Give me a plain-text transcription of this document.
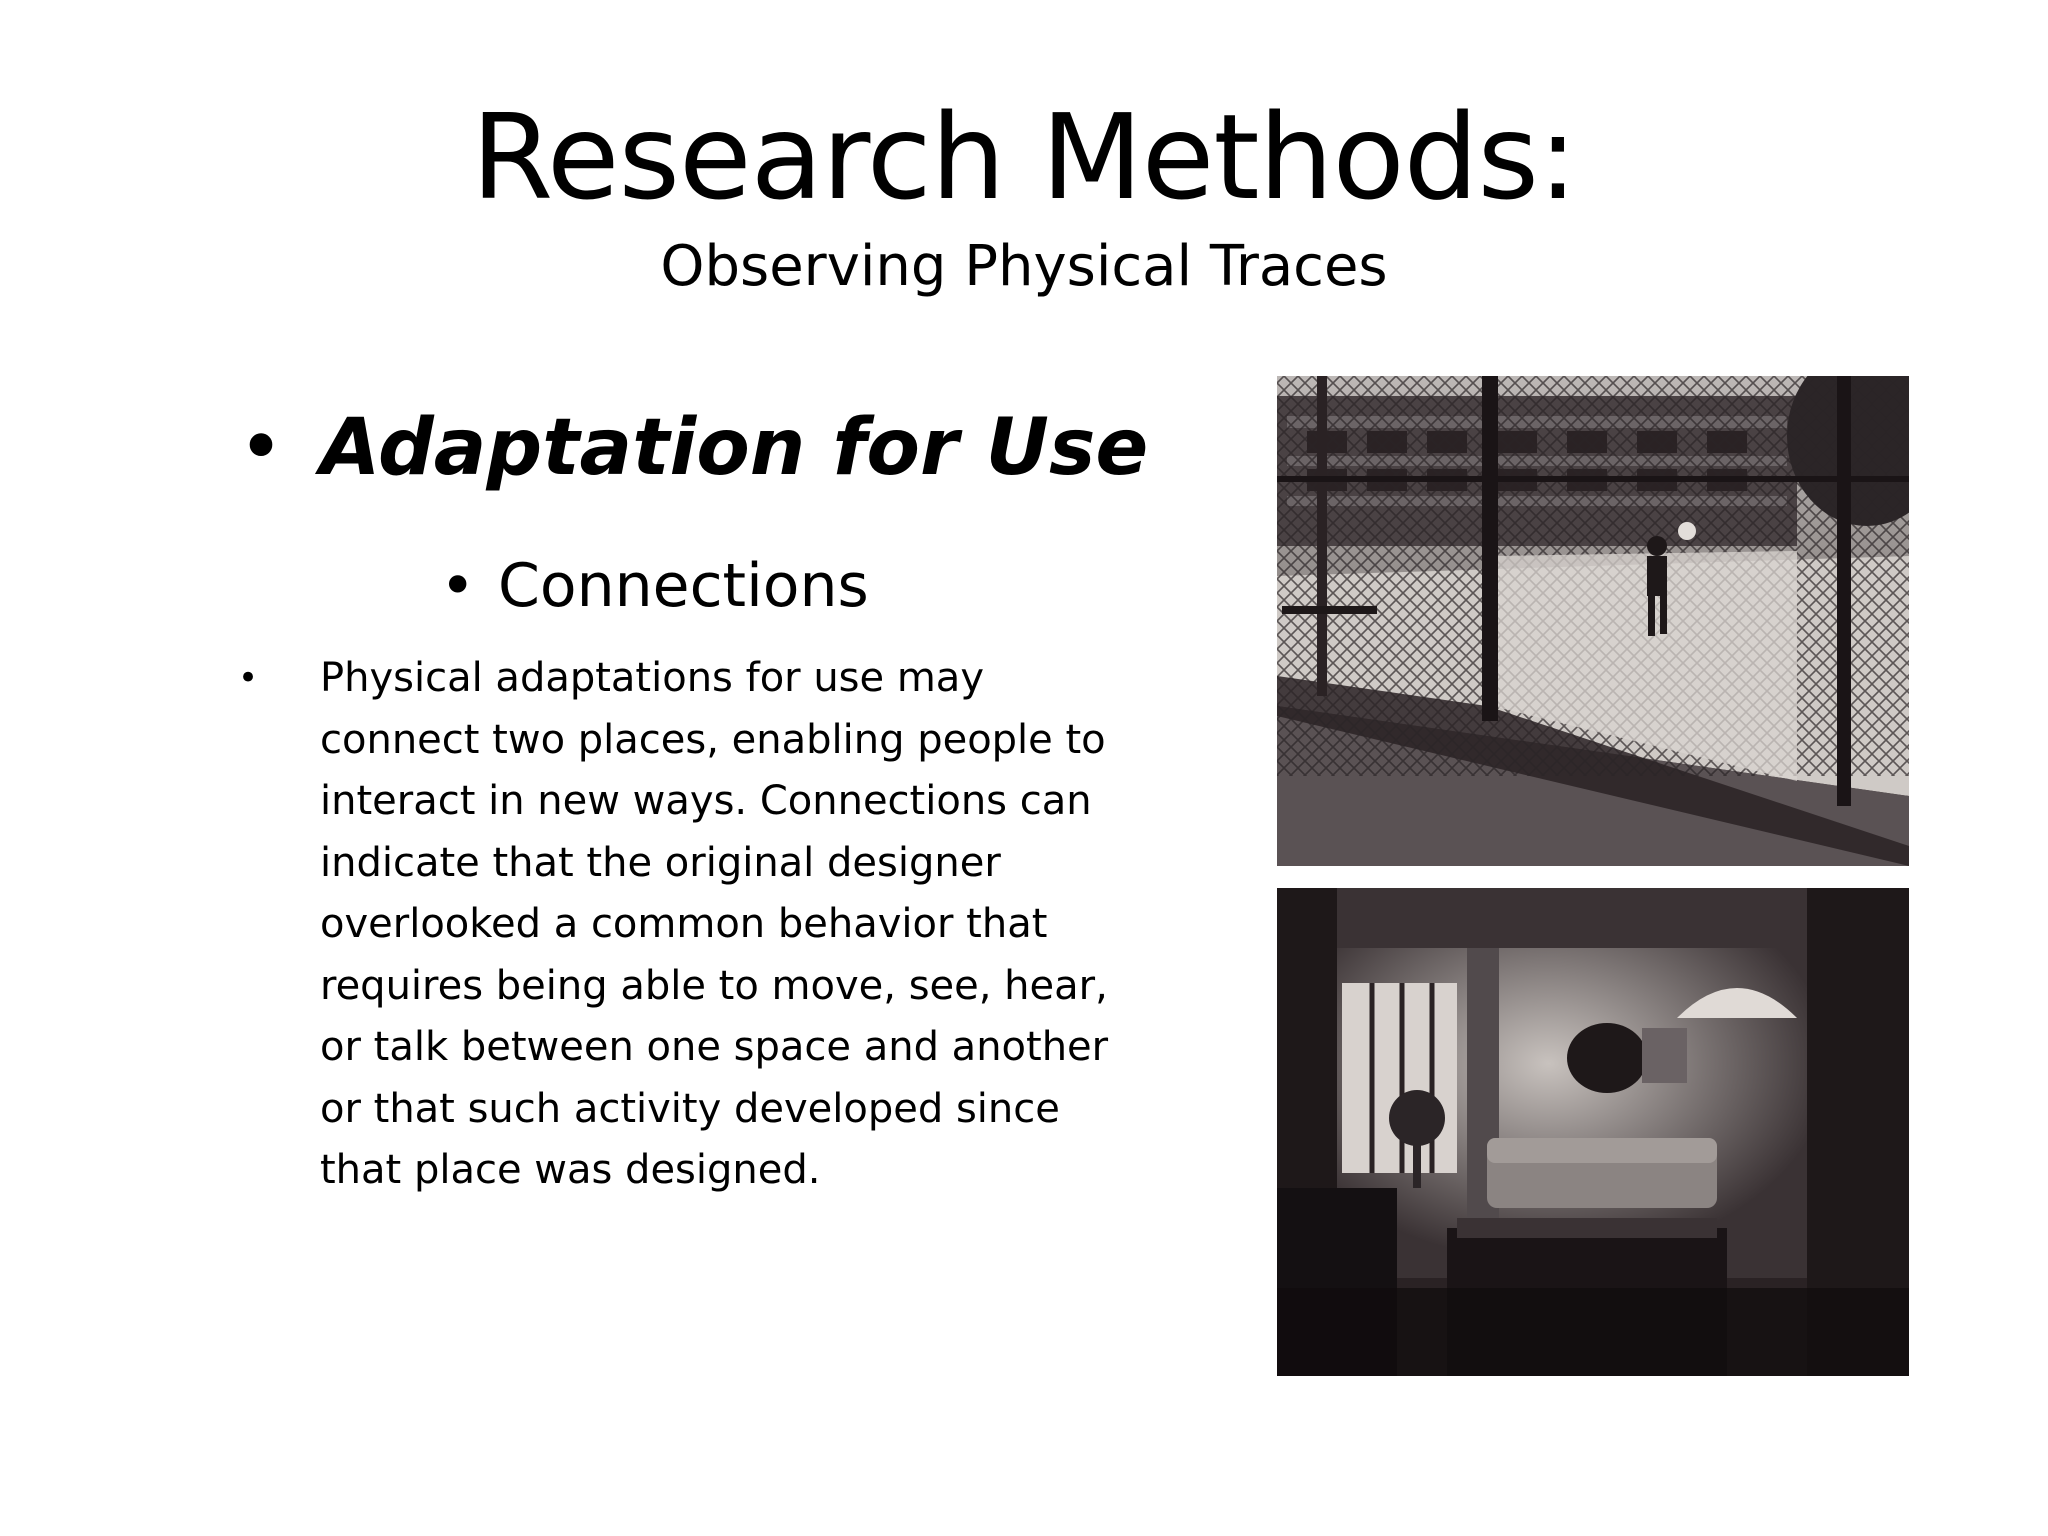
Research Methods:

Observing Physical Traces

• Adaptation for Use
• Connections
• Physical adaptations for use may connect two places, enabling people to interact in new ways. Connections can indicate that the original designer overlooked a common behavior that requires being able to move, see, hear, or talk between one space and another or that such activity developed since that place was designed.
